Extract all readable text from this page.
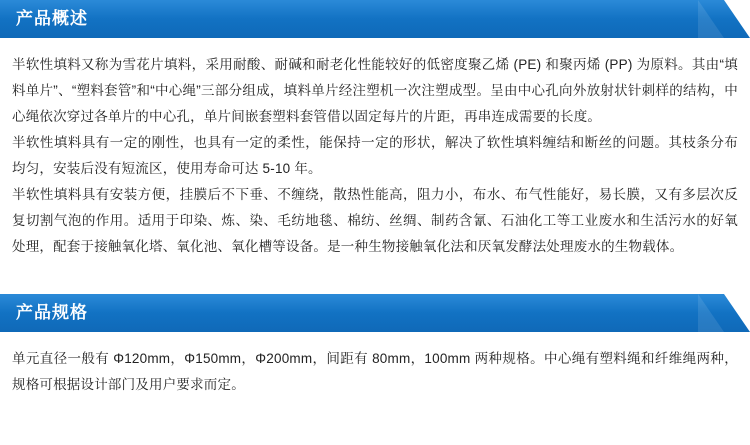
产品概述

半软性填料又称为雪花片填料，采用耐酸、耐碱和耐老化性能较好的低密度聚乙烯 (PE) 和聚丙烯 (PP) 为原料。其由“填料单片”、“塑料套管”和“中心绳”三部分组成，填料单片经注塑机一次注塑成型。呈由中心孔向外放射状针刺样的结构，中心绳依次穿过各单片的中心孔，单片间嵌套塑料套管借以固定每片的片距，再串连成需要的长度。

半软性填料具有一定的刚性，也具有一定的柔性，能保持一定的形状，解决了软性填料缠结和断丝的问题。其枝条分布均匀，安装后没有短流区，使用寿命可达 5-10 年。

半软性填料具有安装方便，挂膜后不下垂、不缠绕，散热性能高，阻力小，布水、布气性能好，易长膜，又有多层次反复切割气泡的作用。适用于印染、炼、染、毛纺地毯、棉纺、丝绸、制药含氰、石油化工等工业废水和生活污水的好氧处理，配套于接触氧化塔、氧化池、氧化槽等设备。是一种生物接触氧化法和厌氧发酵法处理废水的生物载体。

产品规格

单元直径一般有 Φ120mm，Φ150mm，Φ200mm，间距有 80mm，100mm 两种规格。中心绳有塑料绳和纤维绳两种，规格可根据设计部门及用户要求而定。
